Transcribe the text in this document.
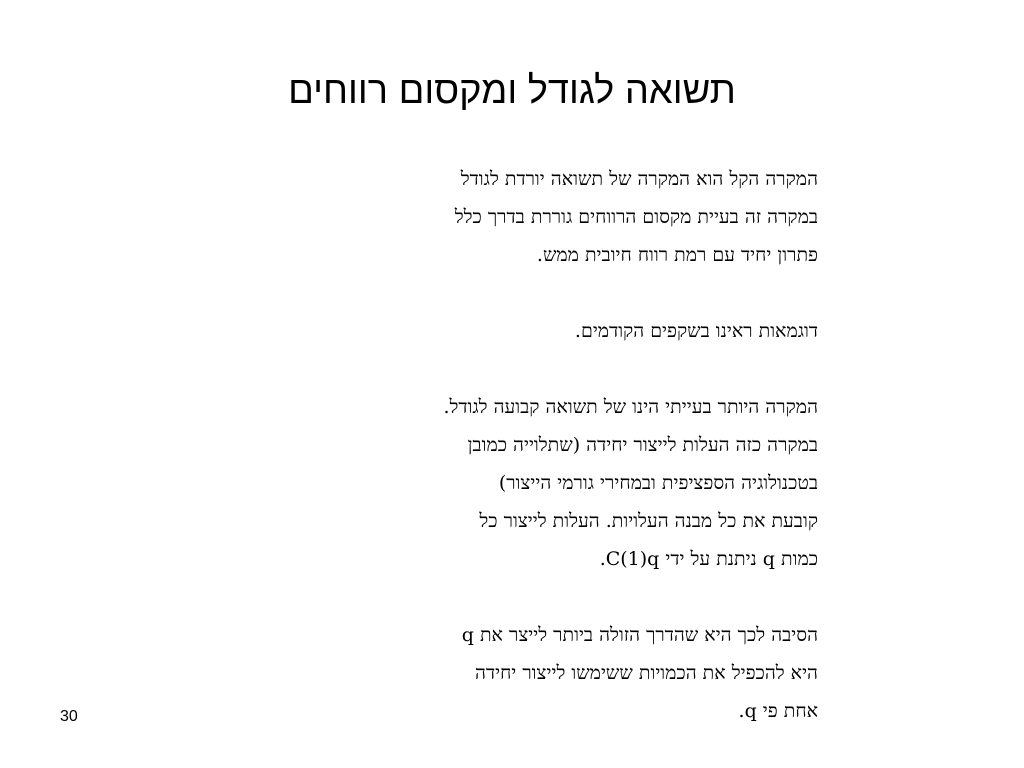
תשואה לגודל ומקסום רווחים
המקרה הקל הוא המקרה של תשואה יורדת לגודל
במקרה זה בעיית מקסום הרווחים גוררת בדרך כלל
פתרון יחיד עם רמת רווח חיובית ממש.
דוגמאות ראינו בשקפים הקודמים.
המקרה היותר בעייתי הינו של תשואה קבועה לגודל.
במקרה כזה העלות לייצור יחידה (שתלוייה כמובן
בטכנולוגיה הספציפית ובמחירי גורמי הייצור)
קובעת את כל מבנה העלויות. העלות לייצור כל
כמות q ניתנת על ידי C(1)q.
הסיבה לכך היא שהדרך הזולה ביותר לייצר את q
היא להכפיל את הכמויות ששימשו לייצור יחידה
אחת פי q.
30
